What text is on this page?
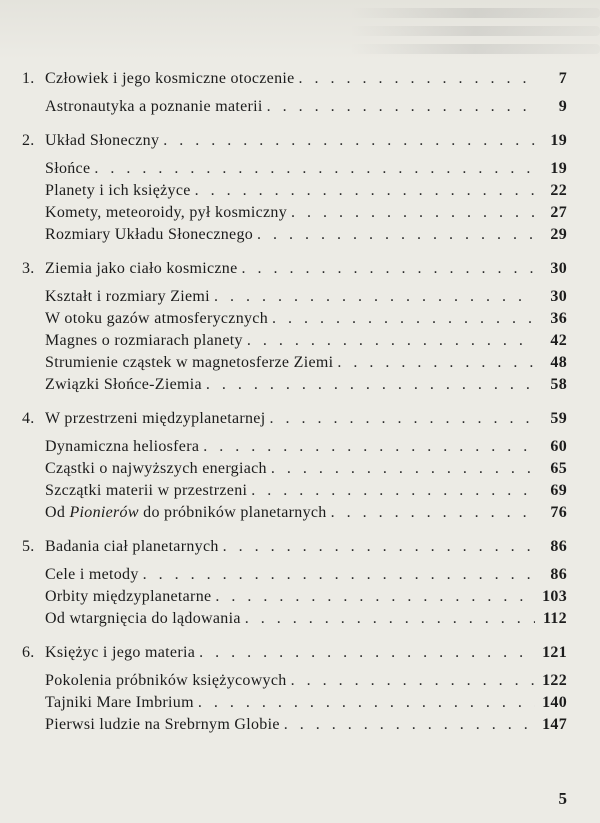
1. Człowiek i jego kosmiczne otoczenie . . .	7
Astronautyka a poznanie materii . . .	9
2. Układ Słoneczny . . .	19
Słońce . . .	19
Planety i ich księżyce . . .	22
Komety, meteoroidy, pył kosmiczny . . .	27
Rozmiary Układu Słonecznego . . .	29
3. Ziemia jako ciało kosmiczne . . .	30
Kształt i rozmiary Ziemi . . .	30
W otoku gazów atmosferycznych . . .	36
Magnes o rozmiarach planety . . .	42
Strumienie cząstek w magnetosferze Ziemi . . .	48
Związki Słońce-Ziemia . . .	58
4. W przestrzeni międzyplanetarnej . . .	59
Dynamiczna heliosfera . . .	60
Cząstki o najwyższych energiach . . .	65
Szczątki materii w przestrzeni . . .	69
Od Pionierów do próbników planetarnych . . .	76
5. Badania ciał planetarnych . . .	86
Cele i metody . . .	86
Orbity międzyplanetarne . . .	103
Od wtargnięcia do lądowania . . .	112
6. Księżyc i jego materia . . .	121
Pokolenia próbników księżycowych . . .	122
Tajniki Mare Imbrium . . .	140
Pierwsi ludzie na Srebrnym Globie . . .	147
5
